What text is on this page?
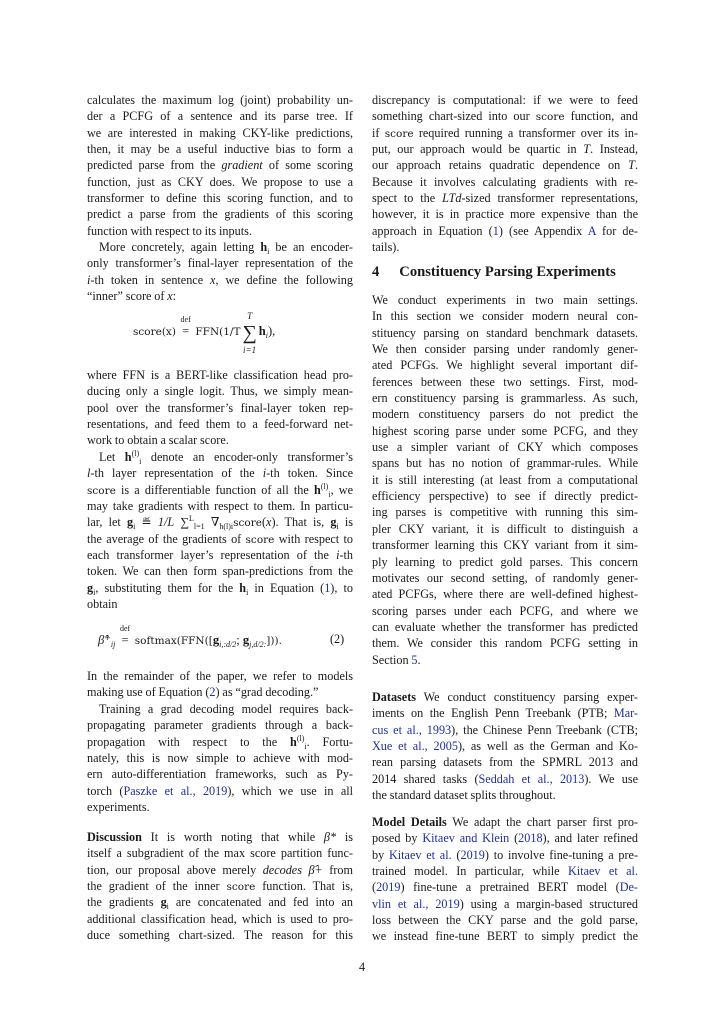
calculates the maximum log (joint) probability un-
der a PCFG of a sentence and its parse tree. If
we are interested in making CKY-like predictions,
then, it may be a useful inductive bias to form a
predicted parse from the gradient of some scoring
function, just as CKY does. We propose to use a
transformer to define this scoring function, and to
predict a parse from the gradients of this scoring
function with respect to its inputs.
More concretely, again letting $h_i$ be an encoder-
only transformer’s final-layer representation of the
i-th token in sentence x, we define the following
“inner” score of x:
score(x)
def
= FFN(1/T
T
∑
i=1
$h_i$),
where FFN is a BERT-like classification head pro-
ducing only a single logit. Thus, we simply mean-
pool over the transformer’s final-layer token rep-
resentations, and feed them to a feed-forward net-
work to obtain a scalar score.
Let $h^{(l)}_i$ denote an encoder-only transformer’s
l-th layer representation of the i-th token. Since
score is a differentiable function of all the $h^{(l)}_i$, we
may take gradients with respect to them. In particu-
lar, let $g_i$ ≝ 1/L ∑$^L_{l=1}$ $\nabla_{h(l)i}score(x)$. That is, $g_i$ is
the average of the gradients of score with respect to
each transformer layer’s representation of the i-th
token. We can then form span-predictions from the
$g_i$, substituting them for the $h_i$ in Equation (1), to
obtain
$\betâ^+_{ij}$
def
= $softmax(FFN([g_{i,:d/2}$; $g_{j,d/2:}$])).	(2)
In the remainder of the paper, we refer to models
making use of Equation (2) as “grad decoding.”
Training a grad decoding model requires back-
propagating parameter gradients through a back-
propagation with respect to the $h^{(l)}_i$. Fortu-
nately, this is now simple to achieve with mod-
ern auto-differentiation frameworks, such as Py-
torch (Paszke et al., 2019), which we use in all
experiments.
Discussion It is worth noting that while β* is
itself a subgradient of the max score partition func-
tion, our proposal above merely decodes β̂+ from
the gradient of the inner score function. That is,
the gradients $g_i$ are concatenated and fed into an
additional classification head, which is used to pro-
duce something chart-sized. The reason for this
discrepancy is computational: if we were to feed
something chart-sized into our score function, and
if score required running a transformer over its in-
put, our approach would be quartic in T. Instead,
our approach retains quadratic dependence on T.
Because it involves calculating gradients with re-
spect to the LTd-sized transformer representations,
however, it is in practice more expensive than the
approach in Equation (1) (see Appendix A for de-
tails).
4 Constituency Parsing Experiments
We conduct experiments in two main settings.
In this section we consider modern neural con-
stituency parsing on standard benchmark datasets.
We then consider parsing under randomly gener-
ated PCFGs. We highlight several important dif-
ferences between these two settings. First, mod-
ern constituency parsing is grammarless. As such,
modern constituency parsers do not predict the
highest scoring parse under some PCFG, and they
use a simpler variant of CKY which composes
spans but has no notion of grammar-rules. While
it is still interesting (at least from a computational
efficiency perspective) to see if directly predict-
ing parses is competitive with running this sim-
pler CKY variant, it is difficult to distinguish a
transformer learning this CKY variant from it sim-
ply learning to predict gold parses. This concern
motivates our second setting, of randomly gener-
ated PCFGs, where there are well-defined highest-
scoring parses under each PCFG, and where we
can evaluate whether the transformer has predicted
them. We consider this random PCFG setting in
Section 5.
Datasets We conduct constituency parsing exper-
iments on the English Penn Treebank (PTB; Mar-
cus et al., 1993), the Chinese Penn Treebank (CTB;
Xue et al., 2005), as well as the German and Ko-
rean parsing datasets from the SPMRL 2013 and
2014 shared tasks (Seddah et al., 2013). We use
the standard dataset splits throughout.
Model Details We adapt the chart parser first pro-
posed by Kitaev and Klein (2018), and later refined
by Kitaev et al. (2019) to involve fine-tuning a pre-
trained model. In particular, while Kitaev et al.
(2019) fine-tune a pretrained BERT model (De-
vlin et al., 2019) using a margin-based structured
loss between the CKY parse and the gold parse,
we instead fine-tune BERT to simply predict the
4
